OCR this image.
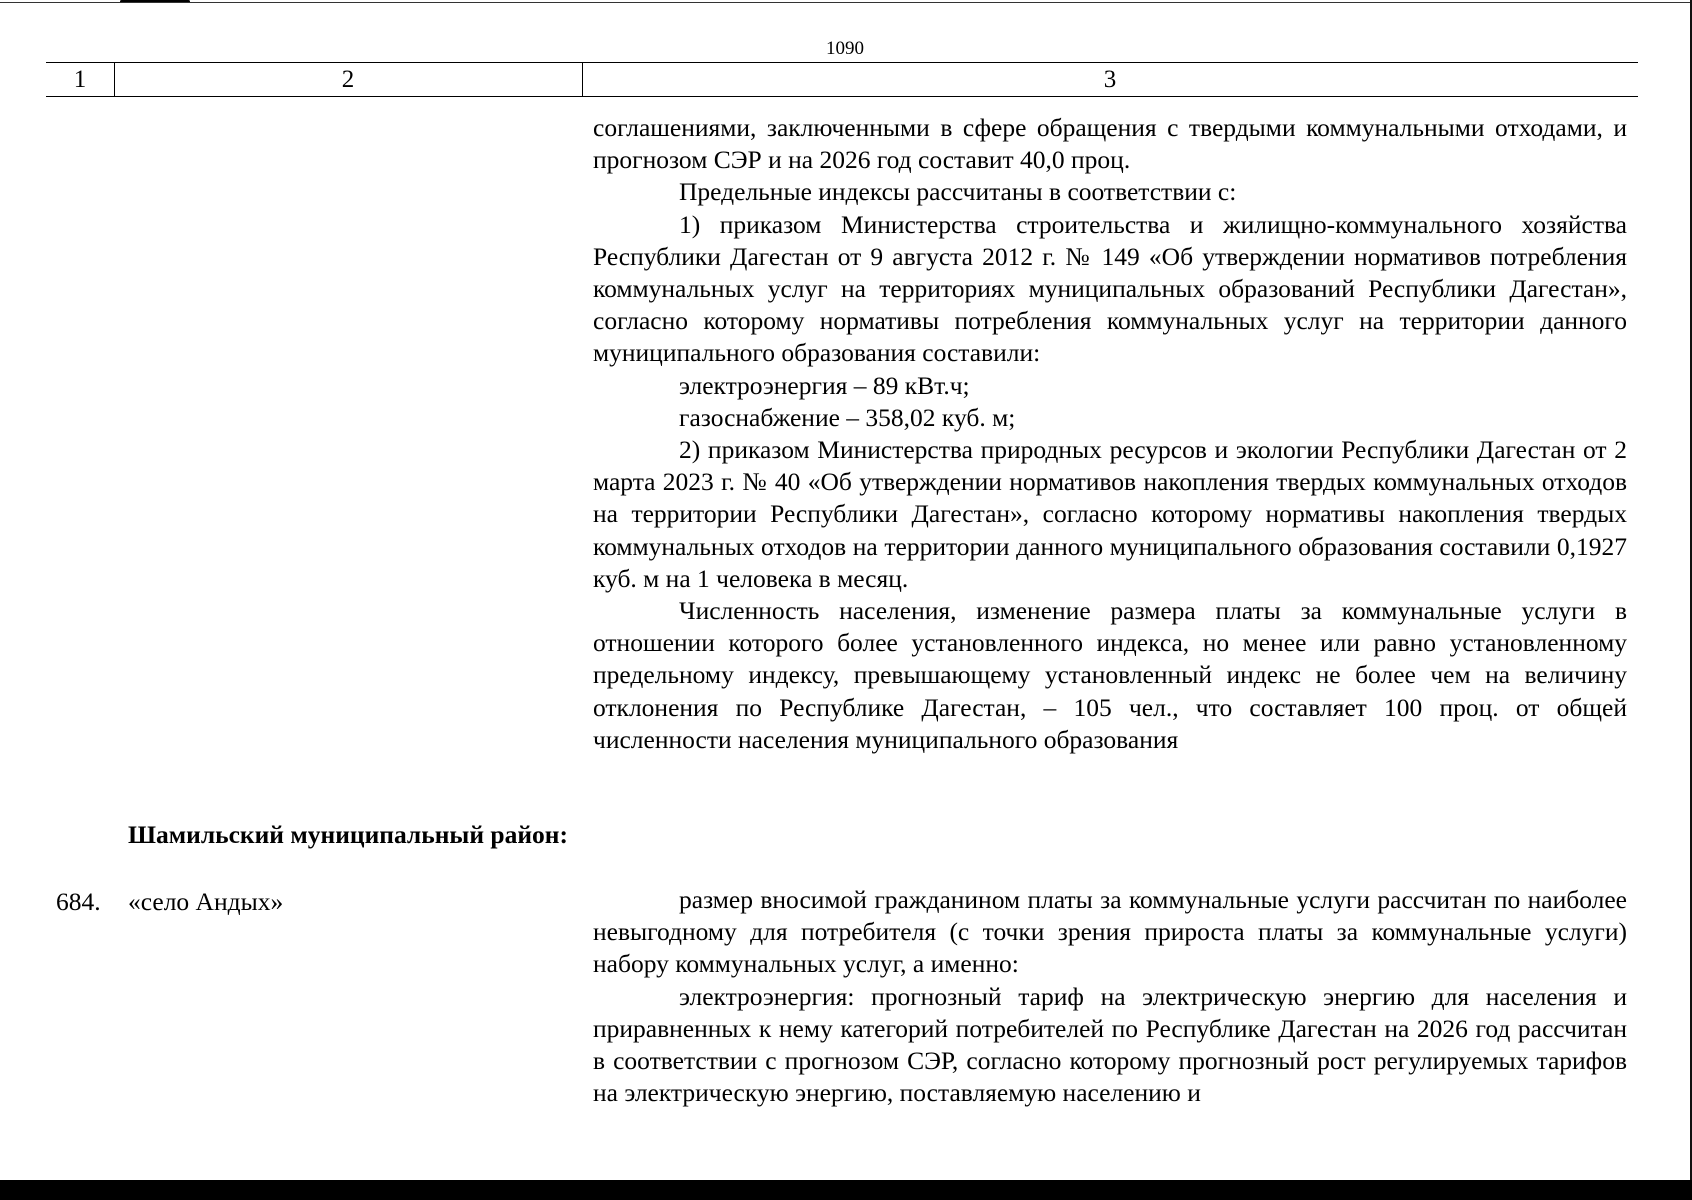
1090
1	2	3

соглашениями, заключенными в сфере обращения с твердыми коммунальными отходами, и прогнозом СЭР и на 2026 год составит 40,0 проц.

Предельные индексы рассчитаны в соответствии с:

1) приказом Министерства строительства и жилищно-коммунального хозяйства Республики Дагестан от 9 августа 2012 г. № 149 «Об утверждении нормативов потребления коммунальных услуг на территориях муниципальных образований Республики Дагестан», согласно которому нормативы потребления коммунальных услуг на территории данного муниципального образования составили:

электроэнергия – 89 кВт.ч;

газоснабжение – 358,02 куб. м;

2) приказом Министерства природных ресурсов и экологии Республики Дагестан от 2 марта 2023 г. № 40 «Об утверждении нормативов накопления твердых коммунальных отходов на территории Республики Дагестан», согласно которому нормативы накопления твердых коммунальных отходов на территории данного муниципального образования составили 0,1927 куб. м на 1 человека в месяц.

Численность населения, изменение размера платы за коммунальные услуги в отношении которого более установленного индекса, но менее или равно установленному предельному индексу, превышающему установленный индекс не более чем на величину отклонения по Республике Дагестан, – 105 чел., что составляет 100 проц. от общей численности населения муниципального образования

Шамильский муниципальный район:
684. «село Андых»	размер вносимой гражданином платы за коммунальные услуги рассчитан по наиболее невыгодному для потребителя (с точки зрения прироста платы за коммунальные услуги) набору коммунальных услуг, а именно:

электроэнергия: прогнозный тариф на электрическую энергию для населения и приравненных к нему категорий потребителей по Республике Дагестан на 2026 год рассчитан в соответствии с прогнозом СЭР, согласно которому прогнозный рост регулируемых тарифов на электрическую энергию, поставляемую населению и
